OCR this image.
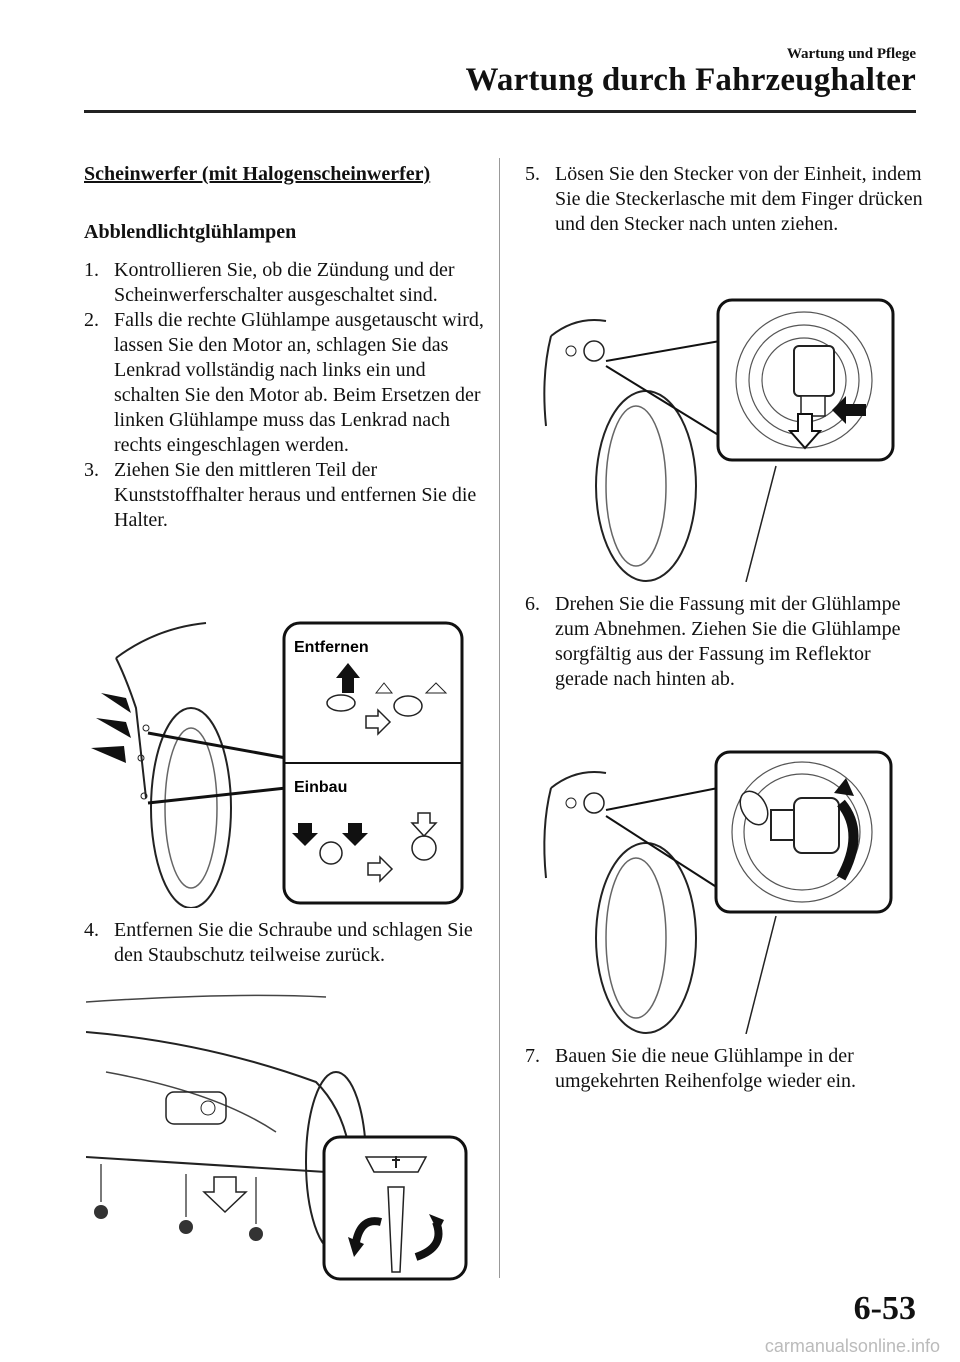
Wartung und Pflege
Wartung durch Fahrzeughalter

Scheinwerfer (mit Halogenscheinwerfer)

Abblendlichtglühlampen

1. Kontrollieren Sie, ob die Zündung und der Scheinwerferschalter ausgeschaltet sind.
2. Falls die rechte Glühlampe ausgetauscht wird, lassen Sie den Motor an, schlagen Sie das Lenkrad vollständig nach links ein und schalten Sie den Motor ab. Beim Ersetzen der linken Glühlampe muss das Lenkrad nach rechts eingeschlagen werden.
3. Ziehen Sie den mittleren Teil der Kunststoffhalter heraus und entfernen Sie die Halter.
Entfernen
Einbau
4. Entfernen Sie die Schraube und schlagen Sie den Staubschutz teilweise zurück.
5. Lösen Sie den Stecker von der Einheit, indem Sie die Steckerlasche mit dem Finger drücken und den Stecker nach unten ziehen.
6. Drehen Sie die Fassung mit der Glühlampe zum Abnehmen. Ziehen Sie die Glühlampe sorgfältig aus der Fassung im Reflektor gerade nach hinten ab.
7. Bauen Sie die neue Glühlampe in der umgekehrten Reihenfolge wieder ein.
6-53
carmanualsonline.info
